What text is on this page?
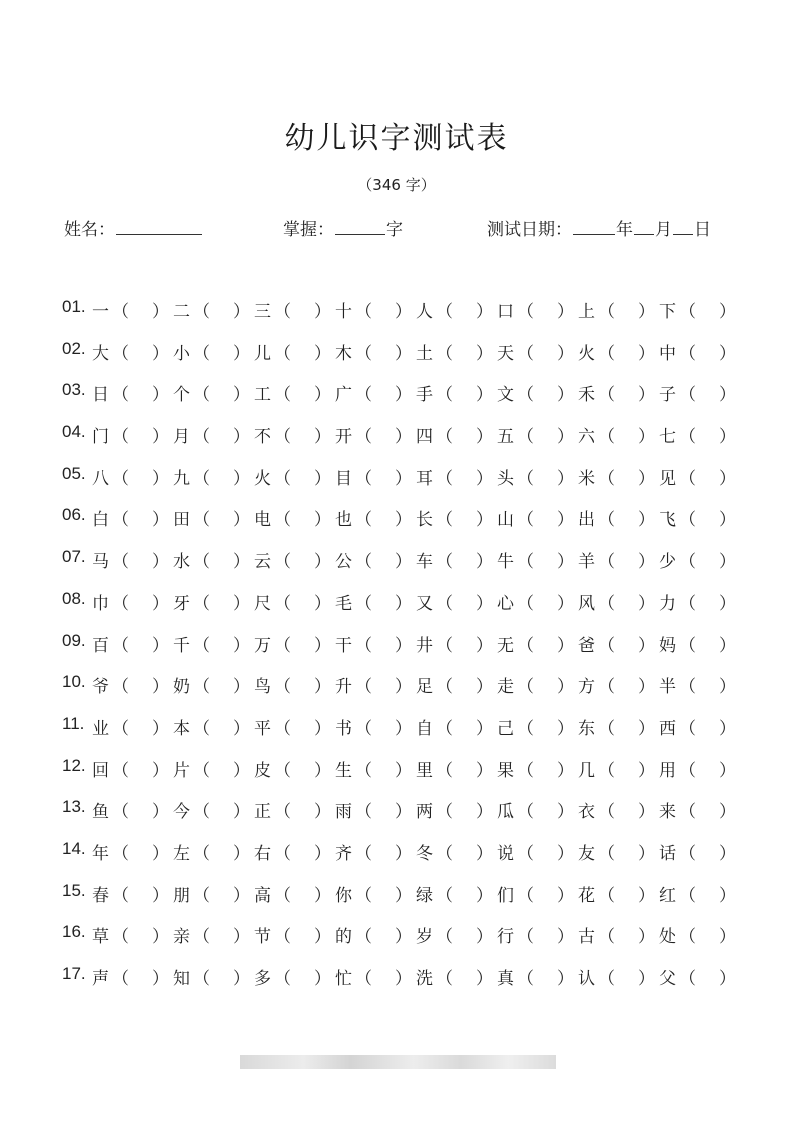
幼儿识字测试表
（346 字）
姓名：	掌握：	字	测试日期：	年 月 日
01. 一 （ ） 二 （ ） 三 （ ） 十 （ ） 人 （ ） 口 （ ） 上 （ ） 下 （ ）
02. 大 （ ） 小 （ ） 儿 （ ） 木 （ ） 土 （ ） 天 （ ） 火 （ ） 中 （ ）
03. 日 （ ） 个 （ ） 工 （ ） 广 （ ） 手 （ ） 文 （ ） 禾 （ ） 子 （ ）
04. 门 （ ） 月 （ ） 不 （ ） 开 （ ） 四 （ ） 五 （ ） 六 （ ） 七 （ ）
05. 八 （ ） 九 （ ） 火 （ ） 目 （ ） 耳 （ ） 头 （ ） 米 （ ） 见 （ ）
06. 白 （ ） 田 （ ） 电 （ ） 也 （ ） 长 （ ） 山 （ ） 出 （ ） 飞 （ ）
07. 马 （ ） 水 （ ） 云 （ ） 公 （ ） 车 （ ） 牛 （ ） 羊 （ ） 少 （ ）
08. 巾 （ ） 牙 （ ） 尺 （ ） 毛 （ ） 又 （ ） 心 （ ） 风 （ ） 力 （ ）
09. 百 （ ） 千 （ ） 万 （ ） 干 （ ） 井 （ ） 无 （ ） 爸 （ ） 妈 （ ）
10. 爷 （ ） 奶 （ ） 鸟 （ ） 升 （ ） 足 （ ） 走 （ ） 方 （ ） 半 （ ）
11. 业 （ ） 本 （ ） 平 （ ） 书 （ ） 自 （ ） 己 （ ） 东 （ ） 西 （ ）
12. 回 （ ） 片 （ ） 皮 （ ） 生 （ ） 里 （ ） 果 （ ） 几 （ ） 用 （ ）
13. 鱼 （ ） 今 （ ） 正 （ ） 雨 （ ） 两 （ ） 瓜 （ ） 衣 （ ） 来 （ ）
14. 年 （ ） 左 （ ） 右 （ ） 齐 （ ） 冬 （ ） 说 （ ） 友 （ ） 话 （ ）
15. 春 （ ） 朋 （ ） 高 （ ） 你 （ ） 绿 （ ） 们 （ ） 花 （ ） 红 （ ）
16. 草 （ ） 亲 （ ） 节 （ ） 的 （ ） 岁 （ ） 行 （ ） 古 （ ） 处 （ ）
17. 声 （ ） 知 （ ） 多 （ ） 忙 （ ） 洗 （ ） 真 （ ） 认 （ ） 父 （ ）
